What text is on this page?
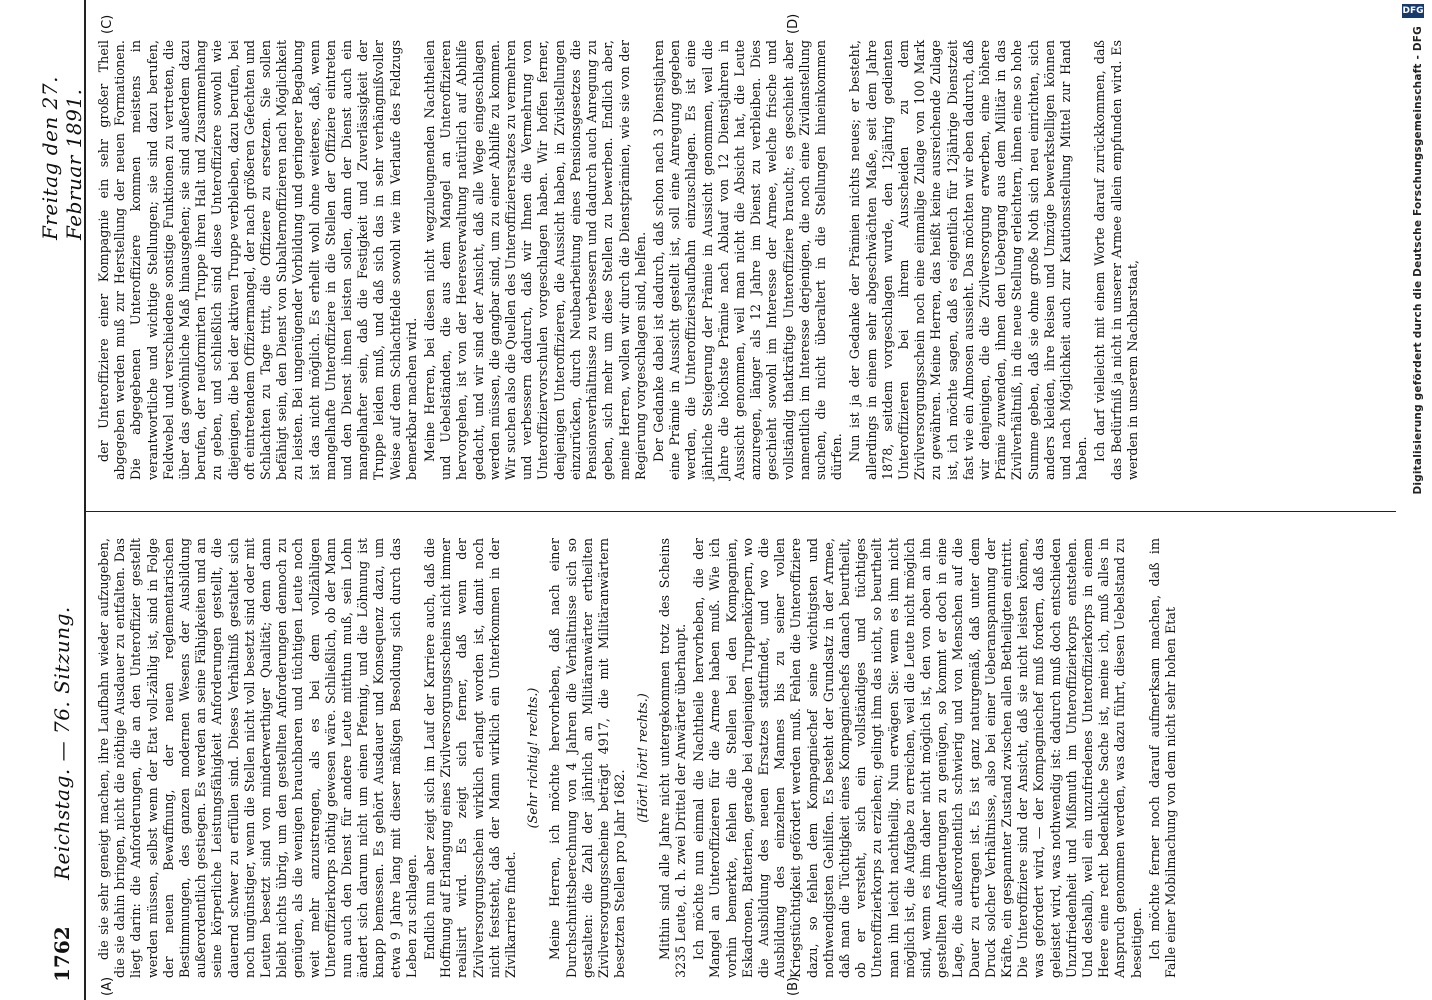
1762
Reichstag. — 76. Sitzung.
Freitag den 27. Februar 1891.
(A)	(B)
(C)	(D)

die sie sehr geneigt machen, ihre Laufbahn wieder aufzugeben, die sie dahin bringen, nicht die nöthige Ausdauer zu entfalten. Das liegt darin: die Anforderungen, die an den Unteroffizier gestellt werden müssen, selbst wenn der Etat voll-zählig ist, sind in Folge der neuen Bewaffnung, der neuen reglementarischen Bestimmungen, des ganzen modernen Wesens der Ausbildung außerordentlich gestiegen. Es werden an seine Fähigkeiten und an seine körperliche Leistungsfähigkeit Anforderungen gestellt, die dauernd schwer zu erfüllen sind. Dieses Verhältniß gestaltet sich noch ungünstiger, wenn die Stellen nicht voll besetzt sind oder mit Leuten besetzt sind von minderwerthiger Qualität; denn dann bleibt nichts übrig, um den gestellten Anforderungen dennoch zu genügen, als die wenigen brauchbaren und tüchtigen Leute noch weit mehr anzustrengen, als es bei dem vollzähligen Unteroffizierkorps nöthig gewesen wäre. Schließlich, ob der Mann nun auch den Dienst für andere Leute mitthun muß, sein Lohn ändert sich darum nicht um einen Pfennig, und die Löhnung ist knapp bemessen. Es gehört Ausdauer und Konsequenz dazu, um etwa 9 Jahre lang mit dieser mäßigen Besoldung sich durch das Leben zu schlagen. Endlich nun aber zeigt sich im Lauf der Karriere auch, daß die Hoffnung auf Erlangung eines Zivilversorgungsscheins nicht immer realisirt wird. Es zeigt sich ferner, daß wenn der Zivilversorgungsschein wirklich erlangt worden ist, damit noch nicht feststeht, daß der Mann wirklich ein Unterkommen in der Zivilkarriere findet.

(Sehr richtig! rechts.) Meine Herren, ich möchte hervorheben, daß nach einer Durchschnittsberechnung von 4 Jahren die Verhältnisse sich so gestalten: die Zahl der jährlich an Militäranwärter ertheilten Zivilversorgungsscheine beträgt 4917, die mit Militäranwärtern besetzten Stellen pro Jahr 1682.

(Hört! hört! rechts.) Mithin sind alle Jahre nicht untergekommen trotz des Scheins 3235 Leute, d. h. zwei Drittel der Anwärter überhaupt. Ich möchte nun einmal die Nachtheile hervorheben, die der Mangel an Unteroffizieren für die Armee haben muß. Wie ich vorhin bemerkte, fehlen die Stellen bei den Kompagnien, Eskadronen, Batterien, gerade bei denjenigen Truppenkörpern, wo die Ausbildung des neuen Ersatzes stattfindet, und wo die Ausbildung des einzelnen Mannes bis zu seiner vollen Kriegstüchtigkeit gefördert werden muß. Fehlen die Unteroffiziere dazu, so fehlen dem Kompagniechef seine wichtigsten und nothwendigsten Gehilfen. Es besteht der Grundsatz in der Armee, daß man die Tüchtigkeit eines Kompagniechefs danach beurtheilt, ob er versteht, sich ein vollständiges und tüchtiges Unteroffizierkorps zu erziehen; gelingt ihm das nicht, so beurtheilt man ihn leicht nachtheilig. Nun erwägen Sie: wenn es ihm nicht möglich ist, die Aufgabe zu erreichen, weil die Leute nicht möglich sind, wenn es ihm daher nicht möglich ist, den von oben an ihn gestellten Anforderungen zu genügen, so kommt er doch in eine Lage, die außerordentlich schwierig und von Menschen auf die Dauer zu ertragen ist. Es ist ganz naturgemäß, daß unter dem Druck solcher Verhältnisse, also bei einer Ueberanspannung der Kräfte, ein gespannter Zustand zwischen allen Betheiligten eintritt. Die Unteroffiziere sind der Ansicht, daß sie nicht leisten können, was gefordert wird, — der Kompagniechef muß fordern, daß das geleistet wird, was nothwendig ist: dadurch muß doch entschieden Unzufriedenheit und Mißmuth im Unteroffizierkorps entstehen. Und deshalb, weil ein unzufriedenes Unteroffizierkorps in einem Heere eine recht bedenkliche Sache ist, meine ich, muß alles in Anspruch genommen werden, was dazu führt, diesen Uebelstand zu beseitigen. Ich möchte ferner noch darauf aufmerksam machen, daß im Falle einer Mobilmachung von dem nicht sehr hohen Etat

der Unteroffiziere einer Kompagnie ein sehr großer Theil abgegeben werden muß zur Herstellung der neuen Formationen. Die abgegebenen Unteroffiziere kommen meistens in verantwortliche und wichtige Stellungen; sie sind dazu berufen, Feldwebel und verschiedene sonstige Funktionen zu vertreten, die über das gewöhnliche Maß hinausgehen; sie sind außerdem dazu berufen, der neuformirten Truppe ihren Halt und Zusammenhang zu geben, und schließlich sind diese Unteroffiziere sowohl wie diejenigen, die bei der aktiven Truppe verbleiben, dazu berufen, bei oft eintretendem Offiziermangel, der nach größeren Gefechten und Schlachten zu Tage tritt, die Offiziere zu ersetzen. Sie sollen befähigt sein, den Dienst von Subalternoffizieren nach Möglichkeit zu leisten. Bei ungenügender Vorbildung und geringerer Begabung ist das nicht möglich. Es erhellt wohl ohne weiteres, daß, wenn mangelhafte Unteroffiziere in die Stellen der Offiziere eintreten und den Dienst ihnen leisten sollen, dann der Dienst auch ein mangelhafter sein, daß die Festigkeit und Zuverlässigkeit der Truppe leiden muß, und daß sich das in sehr verhängnißvoller Weise auf dem Schlachtfelde sowohl wie im Verlaufe des Feldzugs bemerkbar machen wird. Meine Herren, bei diesen nicht wegzuleugnenden Nachtheilen und Uebelständen, die aus dem Mangel an Unteroffizieren hervorgehen, ist von der Heeresverwaltung natürlich auf Abhilfe gedacht, und wir sind der Ansicht, daß alle Wege eingeschlagen werden müssen, die gangbar sind, um zu einer Abhilfe zu kommen. Wir suchen also die Quellen des Unteroffizierersatzes zu vermehren und verbessern dadurch, daß wir Ihnen die Vermehrung von Unteroffiziervorschulen vorgeschlagen haben. Wir hoffen ferner, denjenigen Unteroffizieren, die Aussicht haben, in Zivilstellungen einzurücken, durch Neubearbeitung eines Pensionsgesetzes die Pensionsverhältnisse zu verbessern und dadurch auch Anregung zu geben, sich mehr um diese Stellen zu bewerben. Endlich aber, meine Herren, wollen wir durch die Dienstprämien, wie sie von der Regierung vorgeschlagen sind, helfen. Der Gedanke dabei ist dadurch, daß schon nach 3 Dienstjahren eine Prämie in Aussicht gestellt ist, soll eine Anregung gegeben werden, die Unteroffizierslaufbahn einzuschlagen. Es ist eine jährliche Steigerung der Prämie in Aussicht genommen, weil die Jahre die höchste Prämie nach Ablauf von 12 Dienstjahren in Aussicht genommen, weil man nicht die Absicht hat, die Leute anzuregen, länger als 12 Jahre im Dienst zu verbleiben. Dies geschieht sowohl im Interesse der Armee, welche frische und vollständig thatkräftige Unteroffiziere braucht; es geschieht aber namentlich im Interesse derjenigen, die noch eine Zivilanstellung suchen, die nicht überaltert in die Stellungen hineinkommen dürfen. Nun ist ja der Gedanke der Prämien nichts neues; er besteht, allerdings in einem sehr abgeschwächten Maße, seit dem Jahre 1878, seitdem vorgeschlagen wurde, den 12jährig gedienten Unteroffizieren bei ihrem Ausscheiden zu dem Zivilversorgungsschein noch eine einmalige Zulage von 100 Mark zu gewähren. Meine Herren, das heißt keine ausreichende Zulage ist, ich möchte sagen, daß es eigentlich für 12jährige Dienstzeit fast wie ein Almosen aussieht. Das möchten wir eben dadurch, daß wir denjenigen, die die Zivilversorgung erwerben, eine höhere Prämie zuwenden, ihnen den Uebergang aus dem Militär in das Zivilverhältniß, in die neue Stellung erleichtern, ihnen eine so hohe Summe geben, daß sie ohne große Noth sich neu einrichten, sich anders kleiden, ihre Reisen und Umzüge bewerkstelligen können und nach Möglichkeit auch zur Kautionsstellung Mittel zur Hand haben. Ich darf vielleicht mit einem Worte darauf zurückkommen, daß das Bedürfniß ja nicht in unserer Armee allein empfunden wird. Es werden in unserem Nachbarstaat,

DFG
Digitalisierung gefördert durch die Deutsche Forschungsgemeinschaft - DFG
